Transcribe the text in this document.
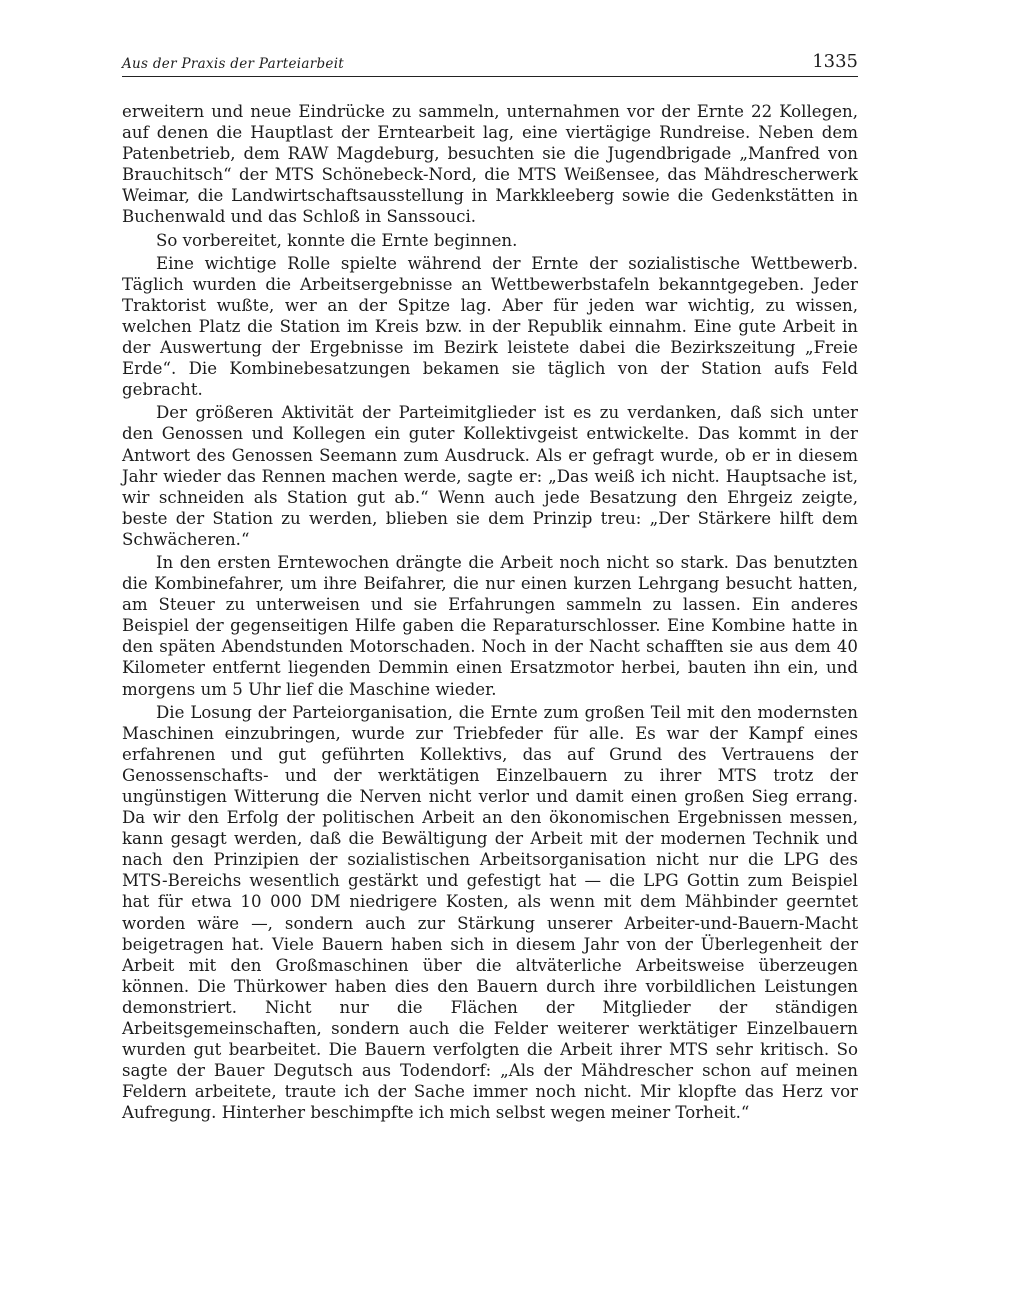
Aus der Praxis der Parteiarbeit	1335

erweitern und neue Eindrücke zu sammeln, unternahmen vor der Ernte 22 Kollegen, auf denen die Hauptlast der Erntearbeit lag, eine viertägige Rundreise. Neben dem Patenbetrieb, dem RAW Magdeburg, besuchten sie die Jugendbrigade „Manfred von Brauchitsch“ der MTS Schönebeck-Nord, die MTS Weißensee, das Mähdrescherwerk Weimar, die Landwirtschaftsausstellung in Markkleeberg sowie die Gedenkstätten in Buchenwald und das Schloß in Sanssouci.

So vorbereitet, konnte die Ernte beginnen.

Eine wichtige Rolle spielte während der Ernte der sozialistische Wettbewerb. Täglich wurden die Arbeitsergebnisse an Wettbewerbstafeln bekanntgegeben. Jeder Traktorist wußte, wer an der Spitze lag. Aber für jeden war wichtig, zu wissen, welchen Platz die Station im Kreis bzw. in der Republik einnahm. Eine gute Arbeit in der Auswertung der Ergebnisse im Bezirk leistete dabei die Bezirkszeitung „Freie Erde“. Die Kombinebesatzungen bekamen sie täglich von der Station aufs Feld gebracht.

Der größeren Aktivität der Parteimitglieder ist es zu verdanken, daß sich unter den Genossen und Kollegen ein guter Kollektivgeist entwickelte. Das kommt in der Antwort des Genossen Seemann zum Ausdruck. Als er gefragt wurde, ob er in diesem Jahr wieder das Rennen machen werde, sagte er: „Das weiß ich nicht. Hauptsache ist, wir schneiden als Station gut ab.“ Wenn auch jede Besatzung den Ehrgeiz zeigte, beste der Station zu werden, blieben sie dem Prinzip treu: „Der Stärkere hilft dem Schwächeren.“

In den ersten Erntewochen drängte die Arbeit noch nicht so stark. Das benutzten die Kombinefahrer, um ihre Beifahrer, die nur einen kurzen Lehrgang besucht hatten, am Steuer zu unterweisen und sie Erfahrungen sammeln zu lassen. Ein anderes Beispiel der gegenseitigen Hilfe gaben die Reparaturschlosser. Eine Kombine hatte in den späten Abendstunden Motorschaden. Noch in der Nacht schafften sie aus dem 40 Kilometer entfernt liegenden Demmin einen Ersatzmotor herbei, bauten ihn ein, und morgens um 5 Uhr lief die Maschine wieder.

Die Losung der Parteiorganisation, die Ernte zum großen Teil mit den modernsten Maschinen einzubringen, wurde zur Triebfeder für alle. Es war der Kampf eines erfahrenen und gut geführten Kollektivs, das auf Grund des Vertrauens der Genossenschafts- und der werktätigen Einzelbauern zu ihrer MTS trotz der ungünstigen Witterung die Nerven nicht verlor und damit einen großen Sieg errang. Da wir den Erfolg der politischen Arbeit an den ökonomischen Ergebnissen messen, kann gesagt werden, daß die Bewältigung der Arbeit mit der modernen Technik und nach den Prinzipien der sozialistischen Arbeitsorganisation nicht nur die LPG des MTS-Bereichs wesentlich gestärkt und gefestigt hat — die LPG Gottin zum Beispiel hat für etwa 10 000 DM niedrigere Kosten, als wenn mit dem Mähbinder geerntet worden wäre —, sondern auch zur Stärkung unserer Arbeiter-und-Bauern-Macht beigetragen hat. Viele Bauern haben sich in diesem Jahr von der Überlegenheit der Arbeit mit den Großmaschinen über die altväterliche Arbeitsweise überzeugen können. Die Thürkower haben dies den Bauern durch ihre vorbildlichen Leistungen demonstriert. Nicht nur die Flächen der Mitglieder der ständigen Arbeitsgemeinschaften, sondern auch die Felder weiterer werktätiger Einzelbauern wurden gut bearbeitet. Die Bauern verfolgten die Arbeit ihrer MTS sehr kritisch. So sagte der Bauer Degutsch aus Todendorf: „Als der Mähdrescher schon auf meinen Feldern arbeitete, traute ich der Sache immer noch nicht. Mir klopfte das Herz vor Aufregung. Hinterher beschimpfte ich mich selbst wegen meiner Torheit.“
